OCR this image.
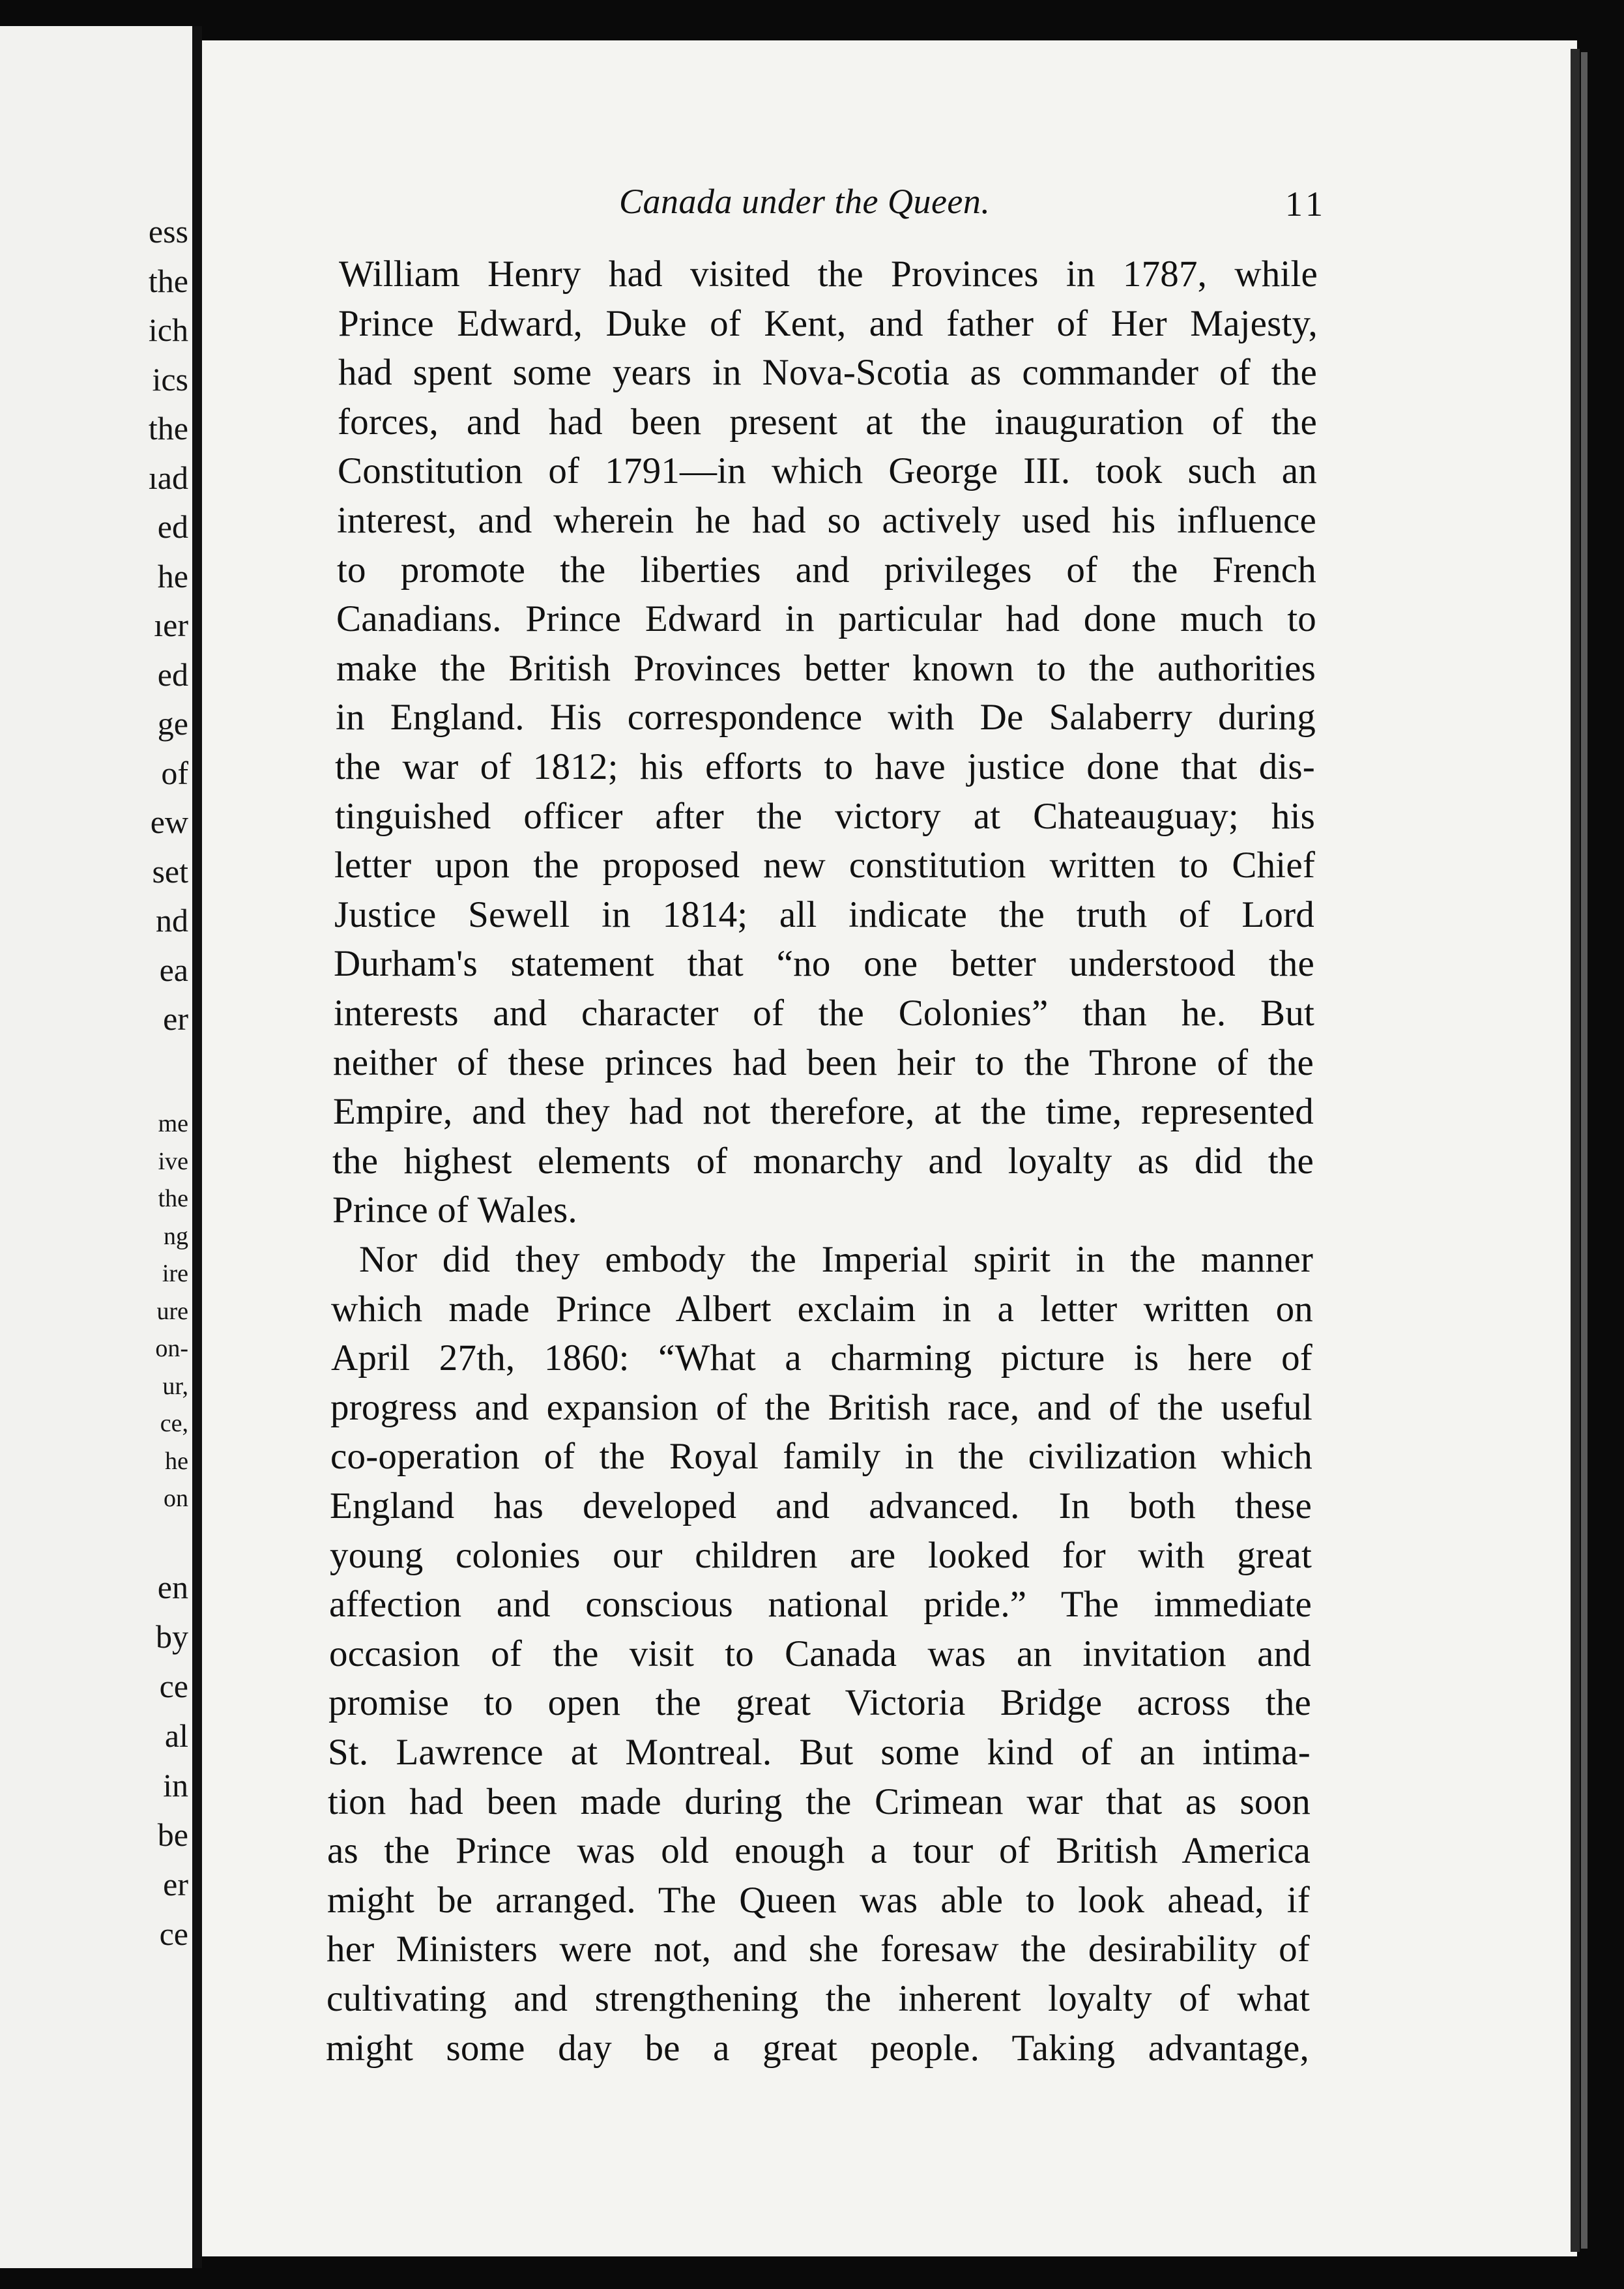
ess
the
ich
ics
the
ıad
ed
he
ıer
ed
ge
of
ew
set
nd
ea
er
me
ive
the
ng
ire
ure
on-
ur,
ce,
he
on
en
by
ce
al
in
be
er
ce
Canada under the Queen.	11
William Henry had visited the Provinces in 1787, while
Prince Edward, Duke of Kent, and father of Her Majesty,
had spent some years in Nova-Scotia as commander of the
forces, and had been present at the inauguration of the
Constitution of 1791—in which George III. took such an
interest, and wherein he had so actively used his influence
to promote the liberties and privileges of the French
Canadians. Prince Edward in particular had done much to
make the British Provinces better known to the authorities
in England. His correspondence with De Salaberry during
the war of 1812; his efforts to have justice done that dis-
tinguished officer after the victory at Chateauguay; his
letter upon the proposed new constitution written to Chief
Justice Sewell in 1814; all indicate the truth of Lord
Durham's statement that “no one better understood the
interests and character of the Colonies” than he. But
neither of these princes had been heir to the Throne of the
Empire, and they had not therefore, at the time, represented
the highest elements of monarchy and loyalty as did the
Prince of Wales.
Nor did they embody the Imperial spirit in the manner
which made Prince Albert exclaim in a letter written on
April 27th, 1860: “What a charming picture is here of
progress and expansion of the British race, and of the useful
co-operation of the Royal family in the civilization which
England has developed and advanced. In both these
young colonies our children are looked for with great
affection and conscious national pride.” The immediate
occasion of the visit to Canada was an invitation and
promise to open the great Victoria Bridge across the
St. Lawrence at Montreal. But some kind of an intima-
tion had been made during the Crimean war that as soon
as the Prince was old enough a tour of British America
might be arranged. The Queen was able to look ahead, if
her Ministers were not, and she foresaw the desirability of
cultivating and strengthening the inherent loyalty of what
might some day be a great people. Taking advantage,
